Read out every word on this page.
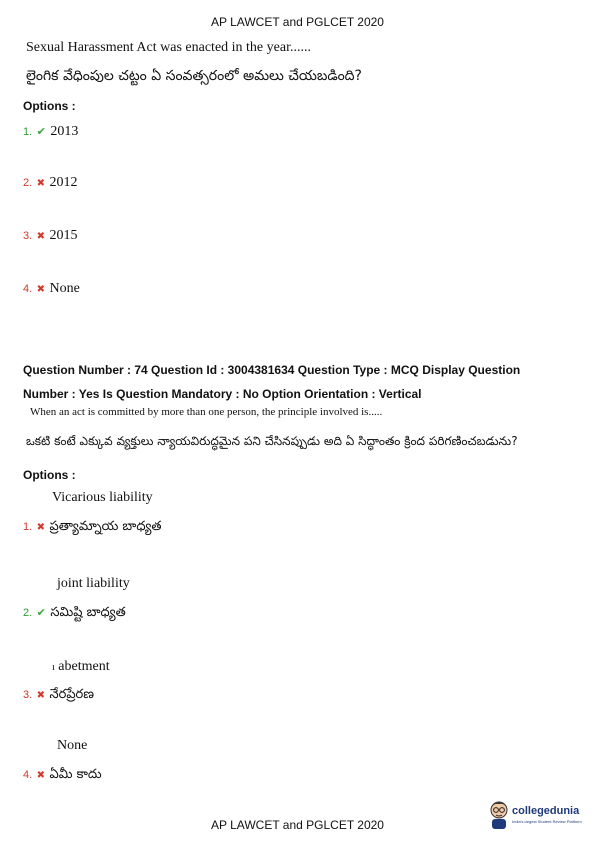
AP LAWCET and PGLCET 2020
Sexual Harassment Act was enacted in the year......
లైంగిక వేధింపుల చట్టం ఏ సంవత్సరంలో అమలు చేయబడింది?
Options :
1. ✔ 2013
2. ✖ 2012
3. ✖ 2015
4. ✖ None
Question Number : 74 Question Id : 3004381634 Question Type : MCQ Display Question
Number : Yes Is Question Mandatory : No Option Orientation : Vertical
When an act is committed by more than one person, the principle involved is.....
ఒకటి కంటే ఎక్కువ వ్యక్తులు న్యాయవిరుద్ధమైన పని చేసినప్పుడు అది ఏ సిద్ధాంతం క్రింద పరిగణించబడును?
Options :
Vicarious liability
1. ✖ ప్రత్యామ్నాయ బాధ్యత
joint liability
2. ✔ సమిష్టి బాధ్యత
ı abetment
3. ✖ నేరప్రేరణ
None
4. ✖ ఏమీ కాదు
collegedunia
India's largest Student Review Platform
AP LAWCET and PGLCET 2020
